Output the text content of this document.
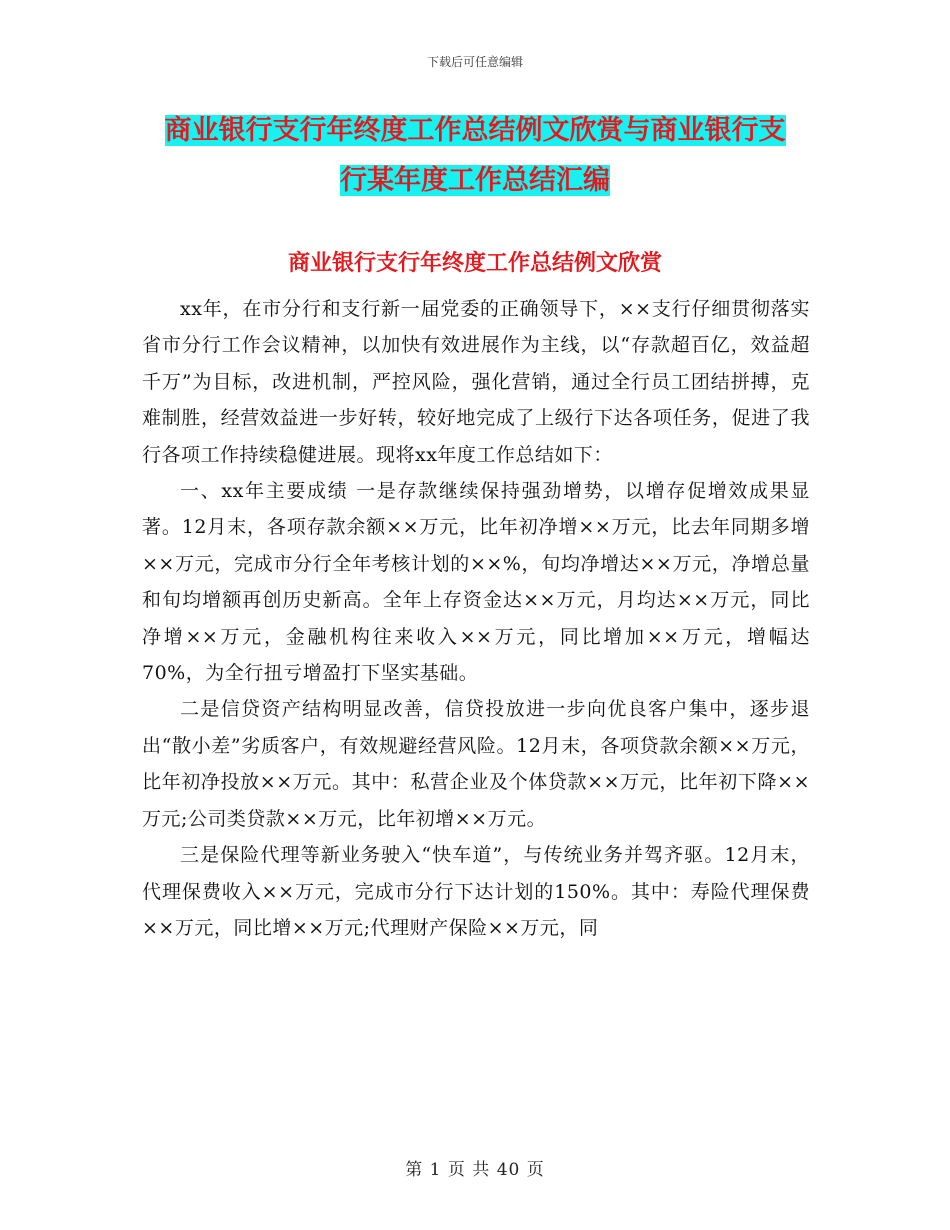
下载后可任意编辑
商业银行支行年终度工作总结例文欣赏与商业银行支
行某年度工作总结汇编
商业银行支行年终度工作总结例文欣赏

xx年，在市分行和支行新一届党委的正确领导下，××支行仔细贯彻落实省市分行工作会议精神，以加快有效进展作为主线，以“存款超百亿，效益超千万”为目标，改进机制，严控风险，强化营销，通过全行员工团结拼搏，克难制胜，经营效益进一步好转，较好地完成了上级行下达各项任务，促进了我行各项工作持续稳健进展。现将xx年度工作总结如下：

一、xx年主要成绩 一是存款继续保持强劲增势，以增存促增效成果显著。12月末，各项存款余额××万元，比年初净增××万元，比去年同期多增××万元，完成市分行全年考核计划的××%，旬均净增达××万元，净增总量和旬均增额再创历史新高。全年上存资金达××万元，月均达××万元，同比净增××万元，金融机构往来收入××万元，同比增加××万元，增幅达70%，为全行扭亏增盈打下坚实基础。

二是信贷资产结构明显改善，信贷投放进一步向优良客户集中，逐步退出“散小差”劣质客户，有效规避经营风险。12月末，各项贷款余额××万元，比年初净投放××万元。其中：私营企业及个体贷款××万元，比年初下降××万元;公司类贷款××万元，比年初增××万元。

三是保险代理等新业务驶入“快车道”，与传统业务并驾齐驱。12月末，代理保费收入××万元，完成市分行下达计划的150%。其中：寿险代理保费××万元，同比增××万元;代理财产保险××万元，同

第 1 页 共 40 页
